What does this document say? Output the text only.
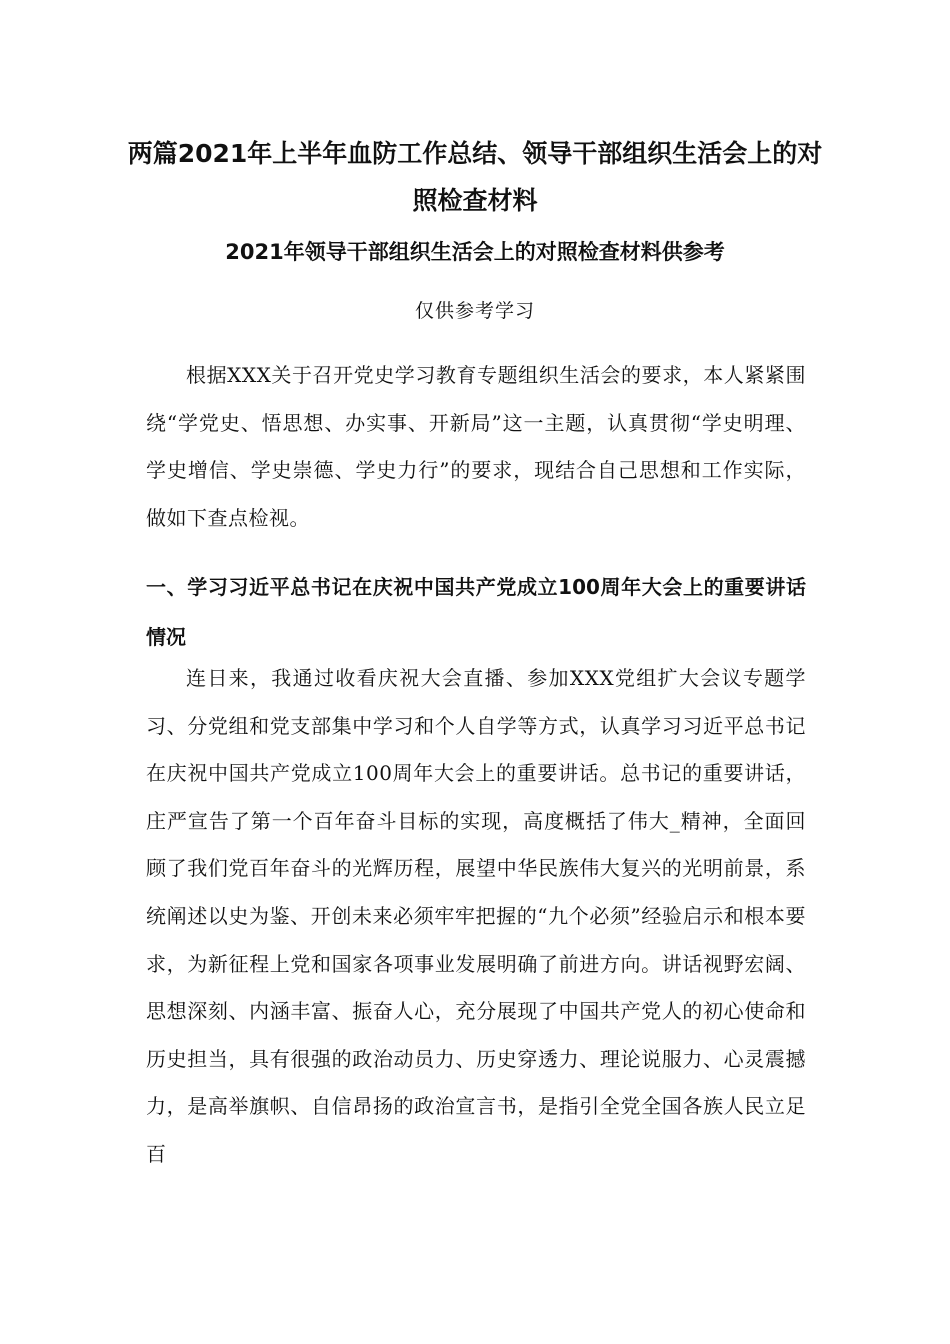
两篇2021年上半年血防工作总结、领导干部组织生活会上的对照检查材料
2021年领导干部组织生活会上的对照检查材料供参考

仅供参考学习

根据XXX关于召开党史学习教育专题组织生活会的要求，本人紧紧围绕“学党史、悟思想、办实事、开新局”这一主题，认真贯彻“学史明理、学史增信、学史崇德、学史力行”的要求，现结合自己思想和工作实际，做如下查点检视。

一、学习习近平总书记在庆祝中国共产党成立100周年大会上的重要讲话情况

连日来，我通过收看庆祝大会直播、参加XXX党组扩大会议专题学习、分党组和党支部集中学习和个人自学等方式，认真学习习近平总书记在庆祝中国共产党成立100周年大会上的重要讲话。总书记的重要讲话，庄严宣告了第一个百年奋斗目标的实现，高度概括了伟大_精神，全面回顾了我们党百年奋斗的光辉历程，展望中华民族伟大复兴的光明前景，系统阐述以史为鉴、开创未来必须牢牢把握的“九个必须”经验启示和根本要求，为新征程上党和国家各项事业发展明确了前进方向。讲话视野宏阔、思想深刻、内涵丰富、振奋人心，充分展现了中国共产党人的初心使命和历史担当，具有很强的政治动员力、历史穿透力、理论说服力、心灵震撼力，是高举旗帜、自信昂扬的政治宣言书，是指引全党全国各族人民立足百
